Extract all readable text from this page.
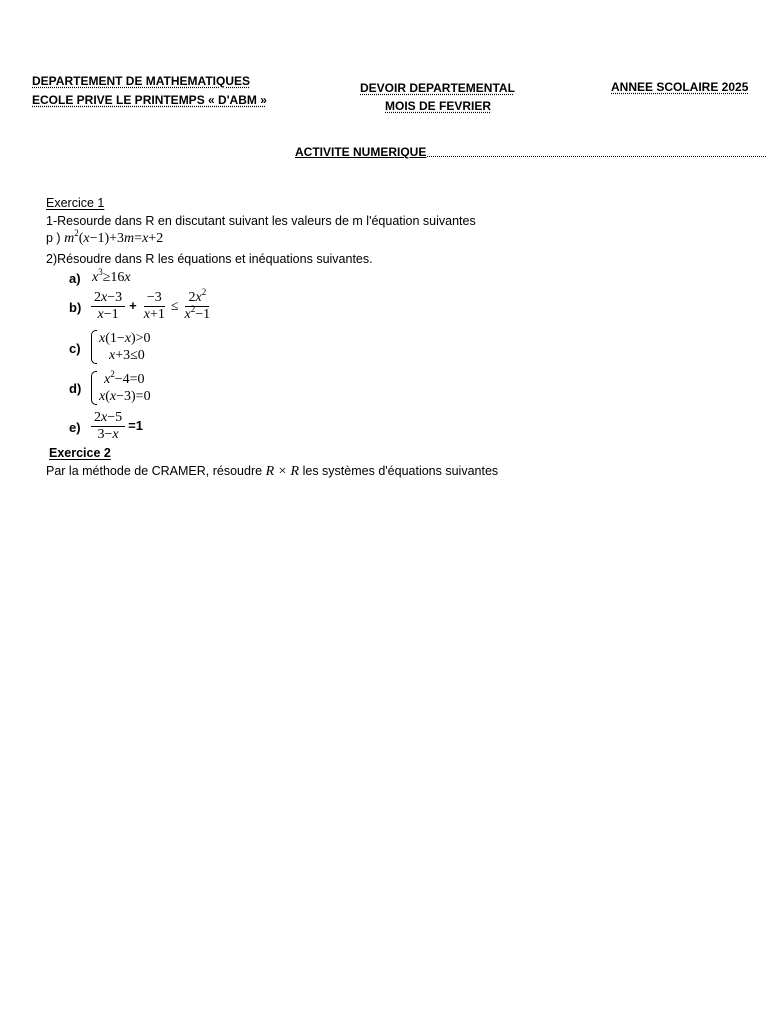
DEPARTEMENT DE MATHEMATIQUES
ECOLE PRIVE LE PRINTEMPS « D'ABM »
DEVOIR DEPARTEMENTAL
MOIS DE FEVRIER
ANNEE SCOLAIRE 2025
ACTIVITE NUMERIQUE
Exercice 1
1-Resourde dans R en discutant suivant les valeurs de m l'équation suivantes
p ) $m^2(x-1)+3m=x+2$
2)Résoudre dans R les équations et inéquations suivantes.
a) $x^3\ge 16x$
$b) \frac{2x-3}{x-1} + \frac{-3}{x+1} \le \frac{2x^2}{x^2-1}$
c)
x(1−x)>0
x+3≤0
d)
$x^2-4=0$
x(x−3)=0
$e) \frac{2x-5}{3-x} =1$
Exercice 2
Par la méthode de CRAMER, résoudre R × R les systèmes d'équations suivantes
